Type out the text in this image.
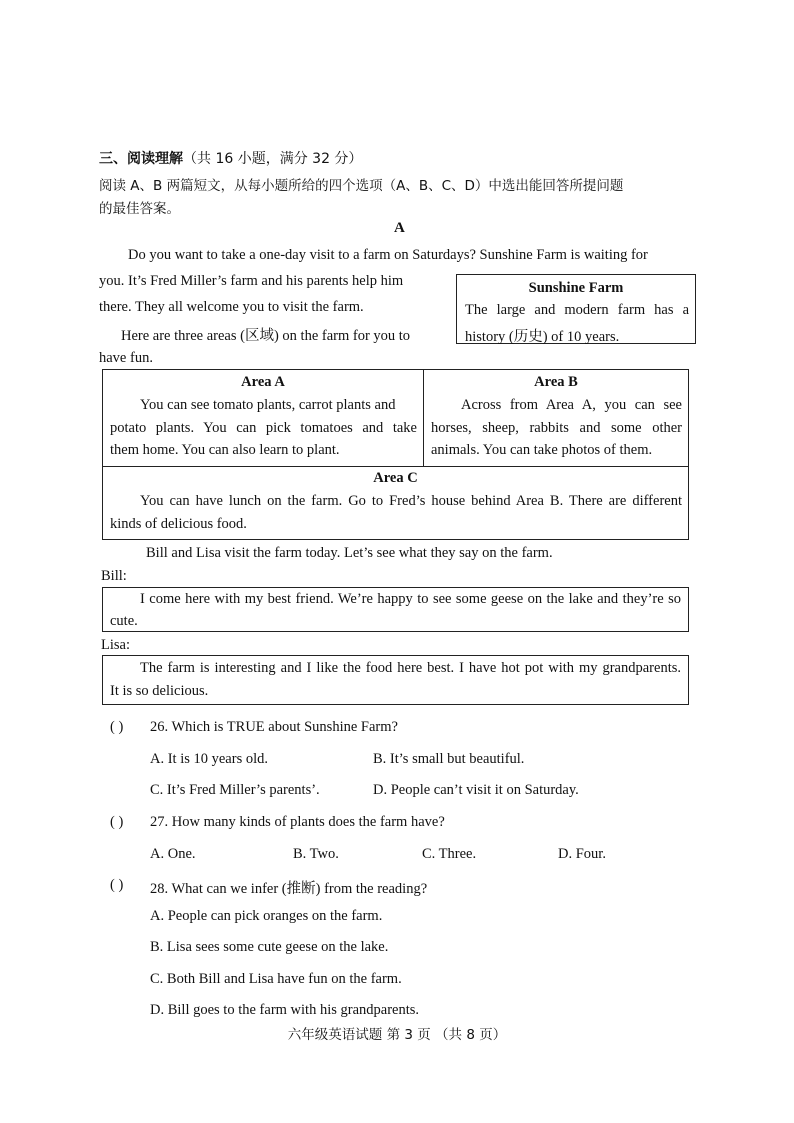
三、阅读理解（共 16 小题，满分 32 分）
阅读 A、B 两篇短文，从每小题所给的四个选项（A、B、C、D）中选出能回答所提问题
的最佳答案。
A
Do you want to take a one-day visit to a farm on Saturdays? Sunshine Farm is waiting for
you. It’s Fred Miller’s farm and his parents help him
there. They all welcome you to visit the farm.
Here are three areas (区域) on the farm for you to
have fun.
Sunshine Farm
The large and modern farm has a
history (历史) of 10 years.
Area A
You can see tomato plants, carrot plants and
potato plants. You can pick tomatoes and take
them home. You can also learn to plant.
Area B
Across from Area A, you can see
horses, sheep, rabbits and some other
animals. You can take photos of them.
Area C
You can have lunch on the farm. Go to Fred’s house behind Area B. There are different
kinds of delicious food.
Bill and Lisa visit the farm today. Let’s see what they say on the farm.
Bill:
I come here with my best friend. We’re happy to see some geese on the lake and they’re so
cute.
Lisa:
The farm is interesting and I like the food here best. I have hot pot with my grandparents.
It is so delicious.
( ) 26. Which is TRUE about Sunshine Farm?
A. It is 10 years old.	B. It’s small but beautiful.
C. It’s Fred Miller’s parents’.	D. People can’t visit it on Saturday.
( ) 27. How many kinds of plants does the farm have?
A. One.	B. Two.	C. Three.	D. Four.
( ) 28. What can we infer (推断) from the reading?
A. People can pick oranges on the farm.
B. Lisa sees some cute geese on the lake.
C. Both Bill and Lisa have fun on the farm.
D. Bill goes to the farm with his grandparents.
六年级英语试题 第 3 页 （共 8 页）
